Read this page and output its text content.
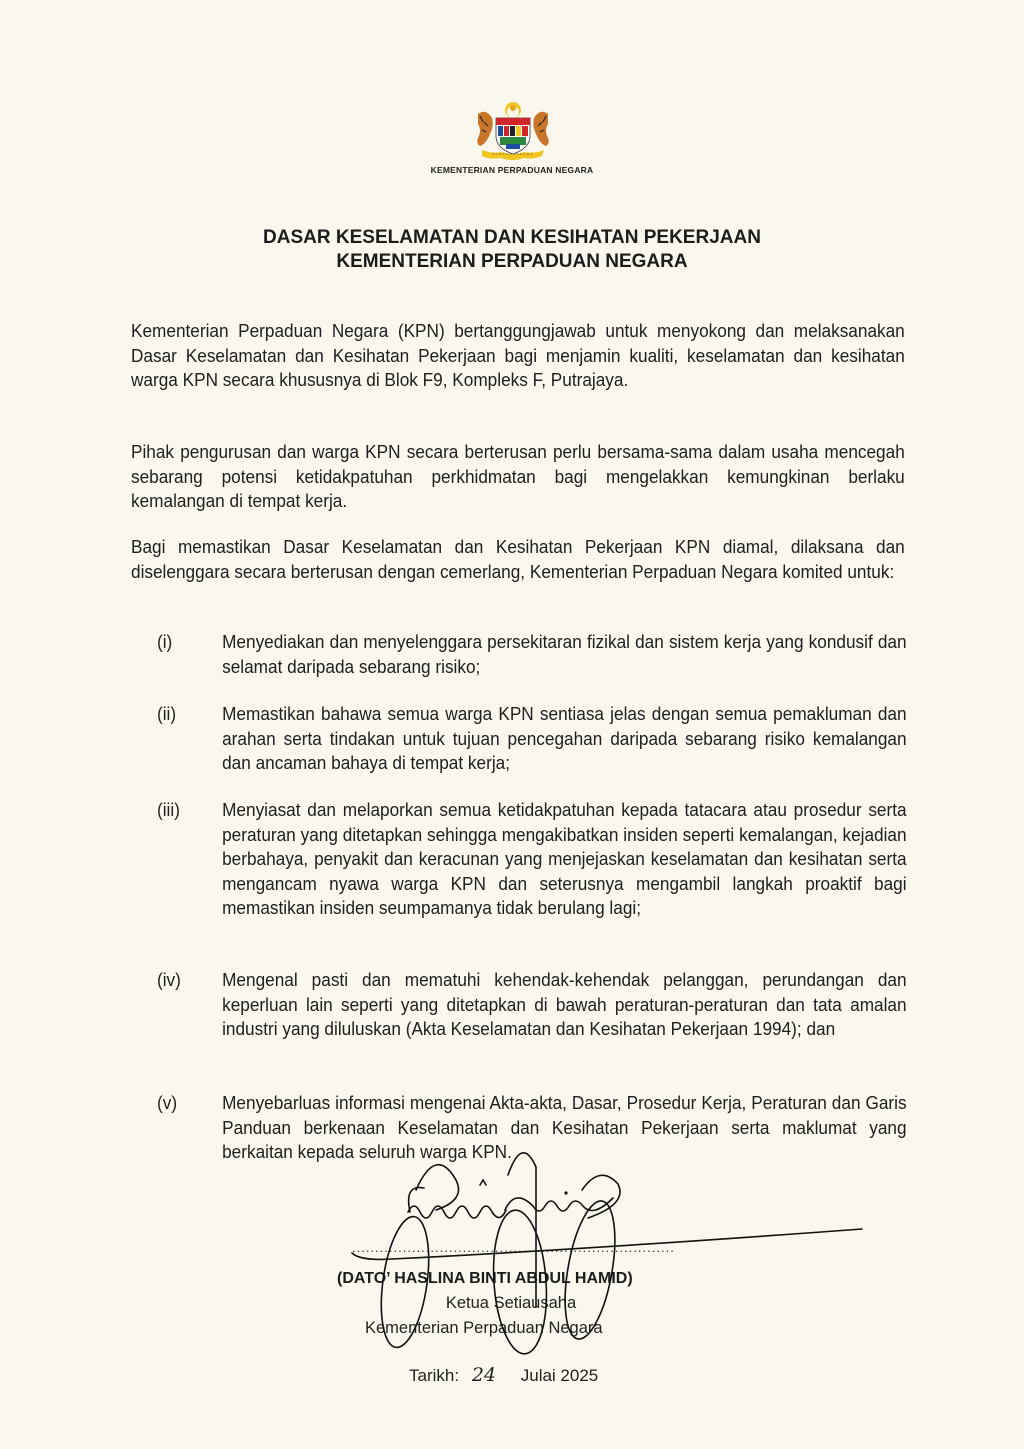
KEMENTERIAN PERPADUAN NEGARA
DASAR KESELAMATAN DAN KESIHATAN PEKERJAAN
KEMENTERIAN PERPADUAN NEGARA
Kementerian Perpaduan Negara (KPN) bertanggungjawab untuk menyokong dan melaksanakan Dasar Keselamatan dan Kesihatan Pekerjaan bagi menjamin kualiti, keselamatan dan kesihatan warga KPN secara khususnya di Blok F9, Kompleks F, Putrajaya.
Pihak pengurusan dan warga KPN secara berterusan perlu bersama-sama dalam usaha mencegah sebarang potensi ketidakpatuhan perkhidmatan bagi mengelakkan kemungkinan berlaku kemalangan di tempat kerja.
Bagi memastikan Dasar Keselamatan dan Kesihatan Pekerjaan KPN diamal, dilaksana dan diselenggara secara berterusan dengan cemerlang, Kementerian Perpaduan Negara komited untuk:
(i)	Menyediakan dan menyelenggara persekitaran fizikal dan sistem kerja yang kondusif dan selamat daripada sebarang risiko;
(ii) Memastikan bahawa semua warga KPN sentiasa jelas dengan semua pemakluman dan arahan serta tindakan untuk tujuan pencegahan daripada sebarang risiko kemalangan dan ancaman bahaya di tempat kerja;
(iii) Menyiasat dan melaporkan semua ketidakpatuhan kepada tatacara atau prosedur serta peraturan yang ditetapkan sehingga mengakibatkan insiden seperti kemalangan, kejadian berbahaya, penyakit dan keracunan yang menjejaskan keselamatan dan kesihatan serta mengancam nyawa warga KPN dan seterusnya mengambil langkah proaktif bagi memastikan insiden seumpamanya tidak berulang lagi;
(iv) Mengenal pasti dan mematuhi kehendak-kehendak pelanggan, perundangan dan keperluan lain seperti yang ditetapkan di bawah peraturan-peraturan dan tata amalan industri yang diluluskan (Akta Keselamatan dan Kesihatan Pekerjaan 1994); dan
(v) Menyebarluas informasi mengenai Akta-akta, Dasar, Prosedur Kerja, Peraturan dan Garis Panduan berkenaan Keselamatan dan Kesihatan Pekerjaan serta maklumat yang berkaitan kepada seluruh warga KPN.
......................................................................
(DATO’ HASLINA BINTI ABDUL HAMID)
Ketua Setiausaha
Kementerian Perpaduan Negara
Tarikh: 24 Julai 2025
